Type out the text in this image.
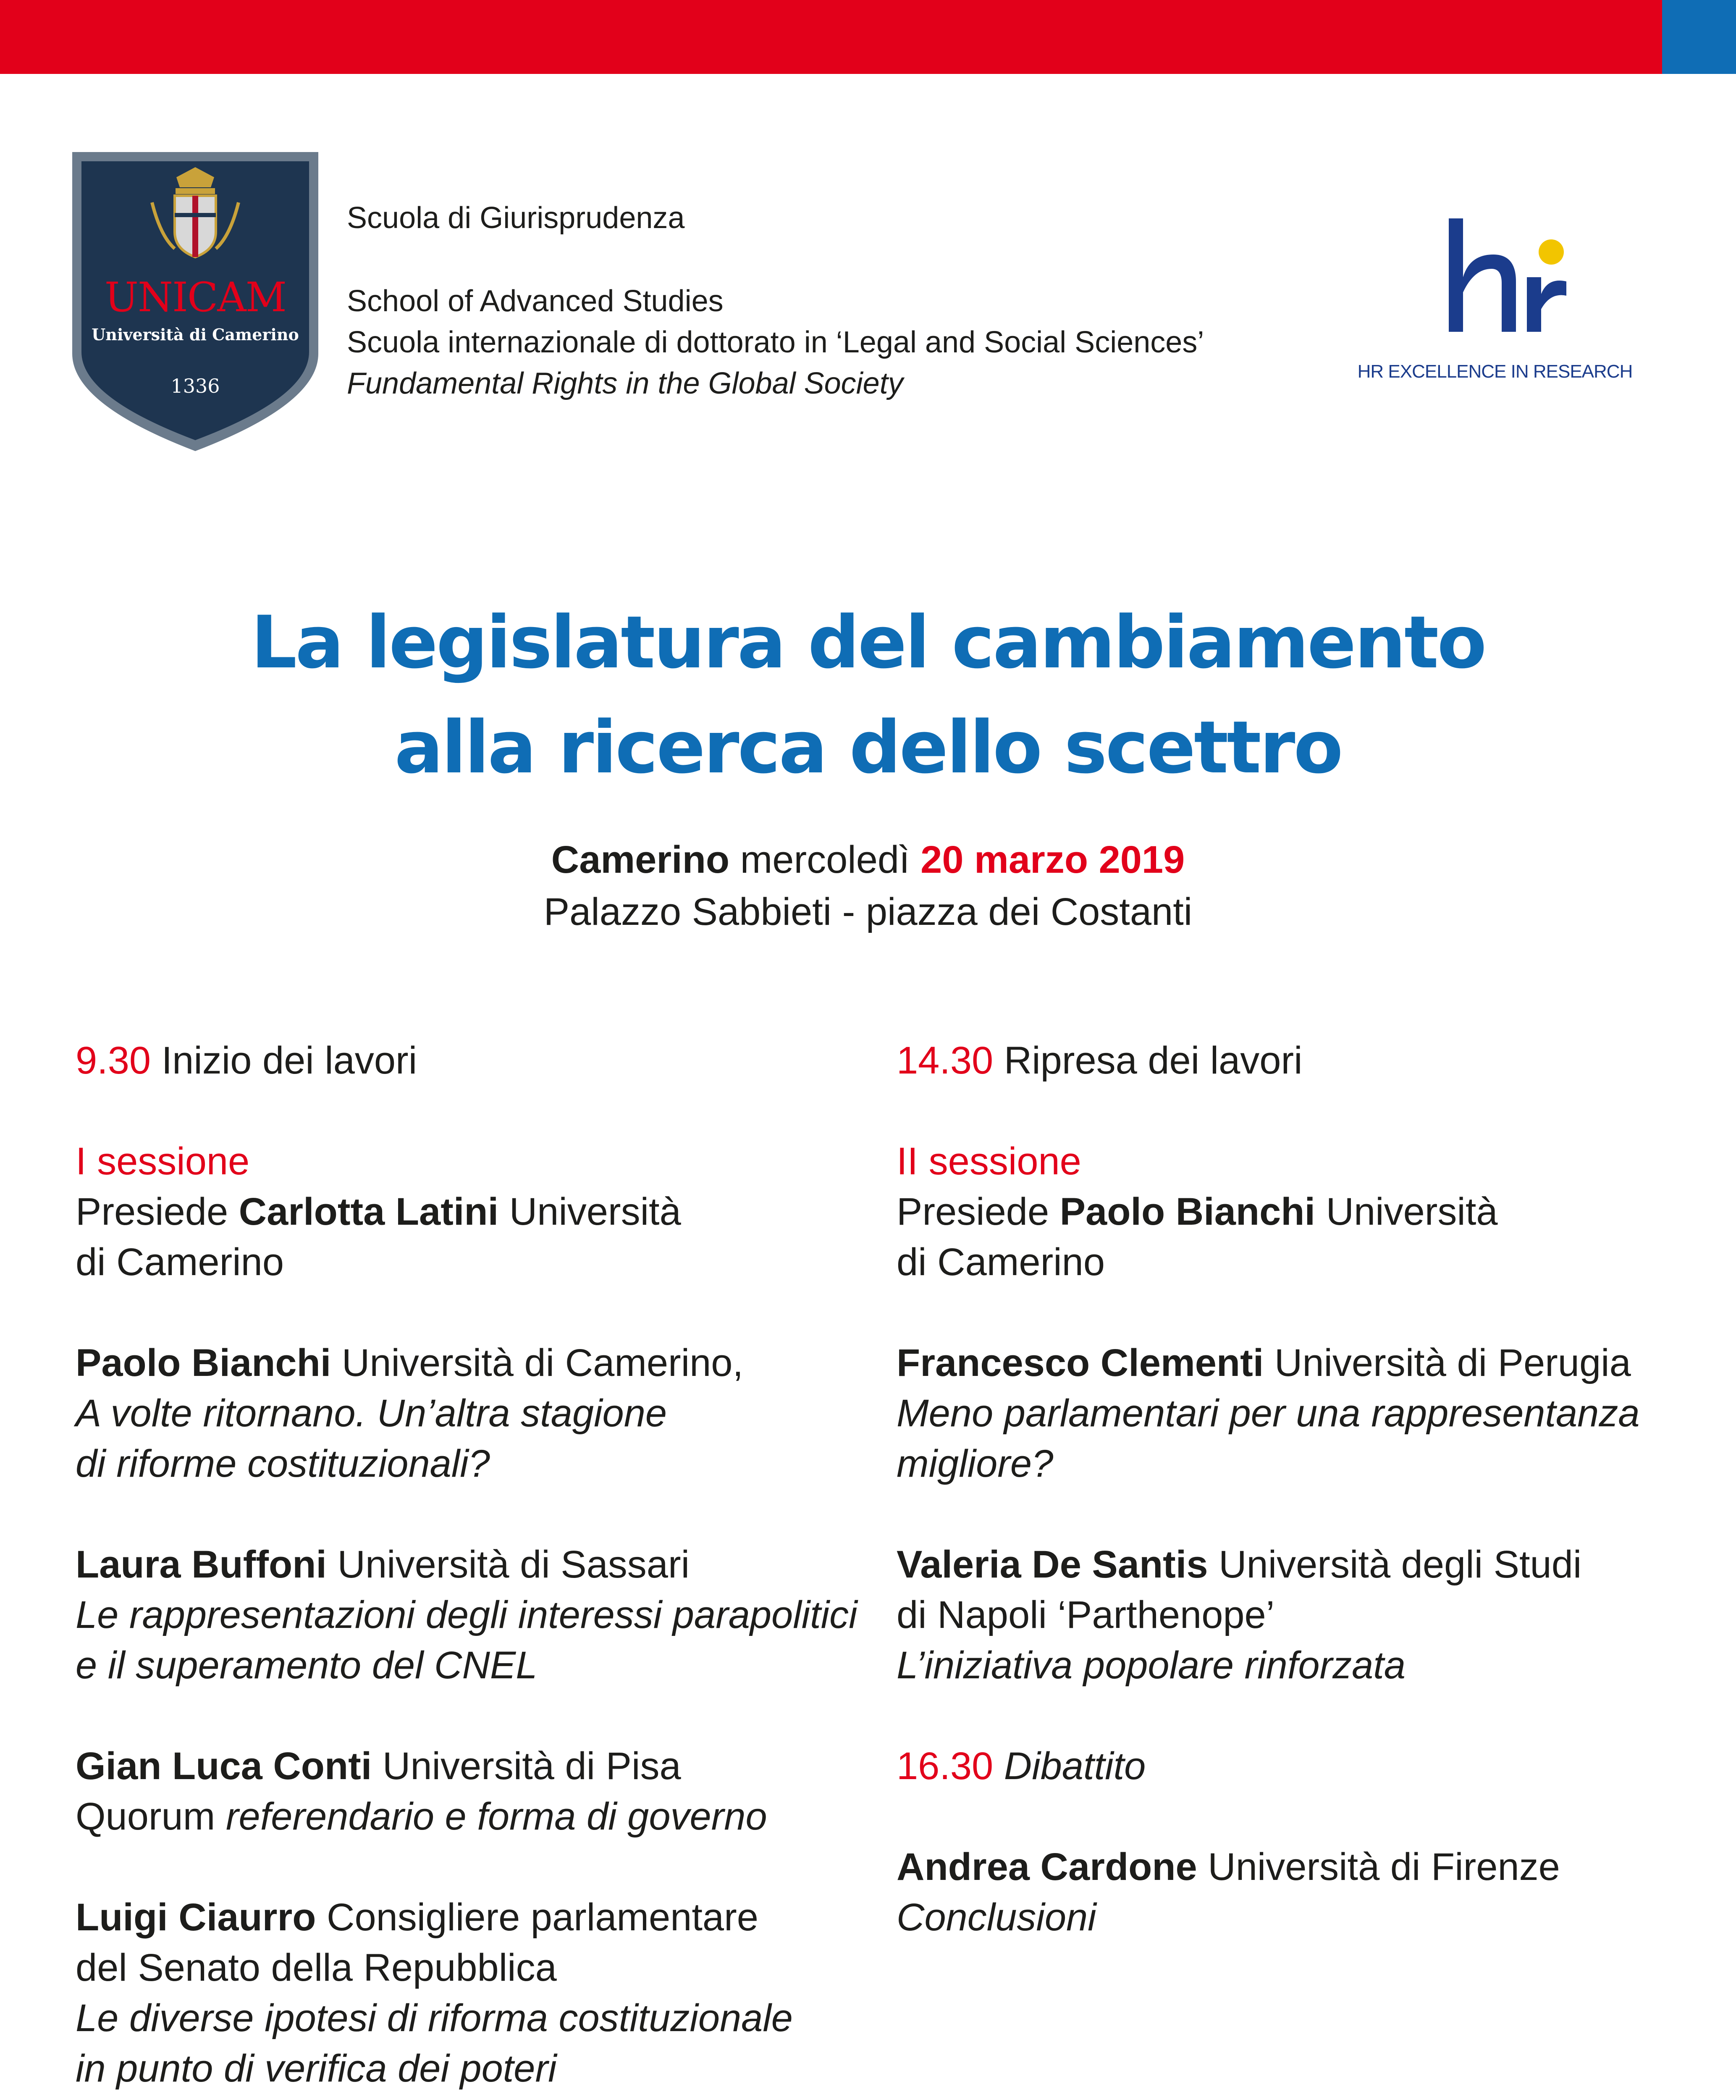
UNICAM
Università di Camerino
1336
Scuola di Giurisprudenza
School of Advanced Studies
Scuola internazionale di dottorato in ‘Legal and Social Sciences’
Fundamental Rights in the Global Society	HR EXCELLENCE IN RESEARCH
La legislatura del cambiamento
alla ricerca dello scettro
Camerino mercoledì 20 marzo 2019
Palazzo Sabbieti - piazza dei Costanti
9.30 Inizio dei lavori
I sessione
Presiede Carlotta Latini Università
di Camerino
Paolo Bianchi Università di Camerino,
A volte ritornano. Un’altra stagione
di riforme costituzionali?
Laura Buffoni Università di Sassari
Le rappresentazioni degli interessi parapolitici
e il superamento del CNEL
Gian Luca Conti Università di Pisa
Quorum referendario e forma di governo
Luigi Ciaurro Consigliere parlamentare
del Senato della Repubblica
Le diverse ipotesi di riforma costituzionale
in punto di verifica dei poteri
14.30 Ripresa dei lavori
II sessione
Presiede Paolo Bianchi Università
di Camerino
Francesco Clementi Università di Perugia
Meno parlamentari per una rappresentanza
migliore?
Valeria De Santis Università degli Studi
di Napoli ‘Parthenope’
L’iniziativa popolare rinforzata
16.30 Dibattito
Andrea Cardone Università di Firenze
Conclusioni
